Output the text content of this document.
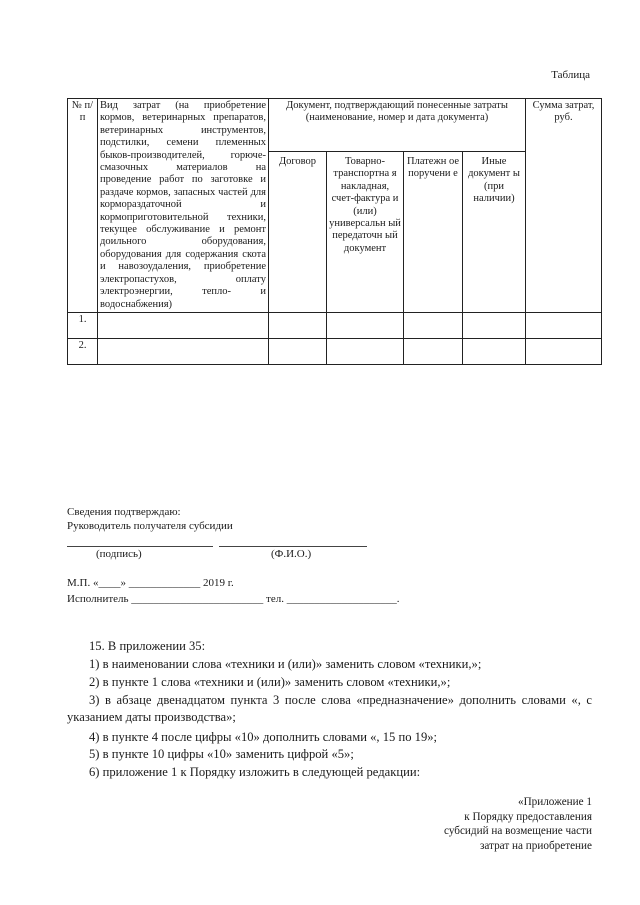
Таблица
№ п/п	Вид затрат (на приобретение кормов, ветеринарных препаратов, ветеринарных инструментов, подстилки, семени племенных быков-производителей, горюче-смазочных материалов на проведение работ по заготовке и раздаче кормов, запасных частей для кормораздаточной и кормоприготовительной техники, текущее обслуживание и ремонт доильного оборудования, оборудования для содержания скота и навозоудаления, приобретение электропастухов, оплату электроэнергии, тепло- и водоснабжения)	Документ, подтверждающий понесенные затраты (наименование, номер и дата документа)				Сумма затрат, руб.
		Договор	Товарно-транспортна я накладная, счет-фактура и (или) универсальн ый передаточн ый документ	Платежн ое поручени е	Иные документ ы (при наличии)	
1.						
2.						
Сведения подтверждаю:
Руководитель получателя субсидии
(подпись)	(Ф.И.О.)
М.П. «____» _____________ 2019 г.
Исполнитель ________________________ тел. ____________________.
15. В приложении 35:
1) в наименовании слова «техники и (или)» заменить словом «техники,»;
2) в пункте 1 слова «техники и (или)» заменить словом «техники,»;
3) в абзаце двенадцатом пункта 3 после слова «предназначение» дополнить словами «, с указанием даты производства»;
4) в пункте 4 после цифры «10» дополнить словами «, 15 по 19»;
5) в пункте 10 цифры «10» заменить цифрой «5»;
6) приложение 1 к Порядку изложить в следующей редакции:
«Приложение 1
к Порядку предоставления
субсидий на возмещение части
затрат на приобретение
